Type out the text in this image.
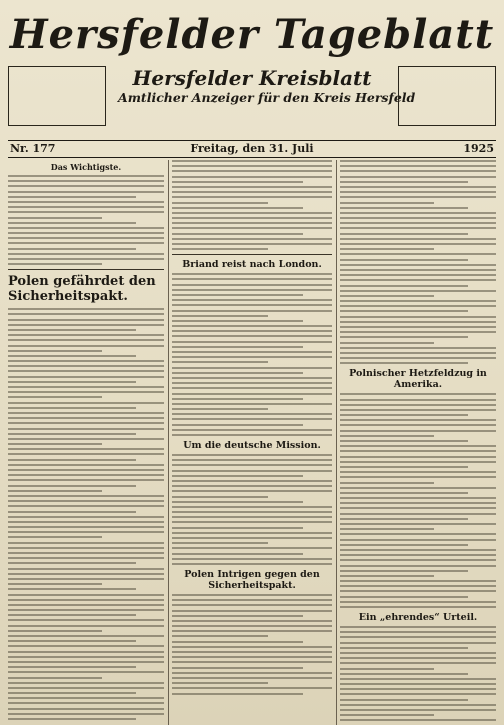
Hersfelder Tageblatt
Hersfelder Kreisblatt
Amtlicher Anzeiger für den Kreis Hersfeld
Nr. 177	Freitag, den 31. Juli	1925
Das Wichtigste.
Polen gefährdet den Sicherheitspakt.
Briand reist nach London.
Um die deutsche Mission.
Polen Intrigen gegen den Sicherheitspakt.
Polnischer Hetzfeldzug in Amerika.
Ein „ehrendes“ Urteil.
